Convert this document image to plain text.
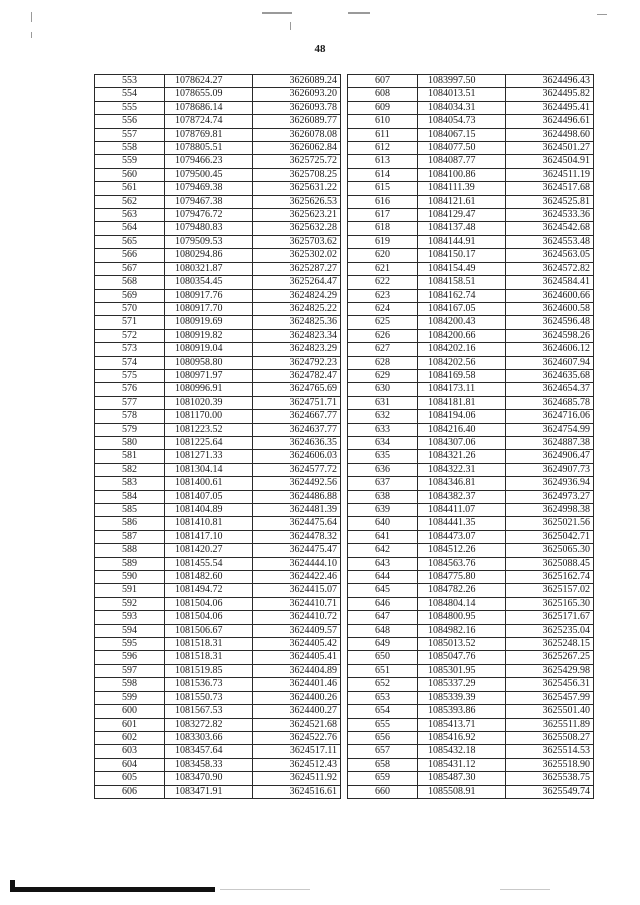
48
553	1078624.27	3626089.24
554	1078655.09	3626093.20
555	1078686.14	3626093.78
556	1078724.74	3626089.77
557	1078769.81	3626078.08
558	1078805.51	3626062.84
559	1079466.23	3625725.72
560	1079500.45	3625708.25
561	1079469.38	3625631.22
562	1079467.38	3625626.53
563	1079476.72	3625623.21
564	1079480.83	3625632.28
565	1079509.53	3625703.62
566	1080294.86	3625302.02
567	1080321.87	3625287.27
568	1080354.45	3625264.47
569	1080917.76	3624824.29
570	1080917.70	3624825.22
571	1080919.69	3624825.36
572	1080919.82	3624823.34
573	1080919.04	3624823.29
574	1080958.80	3624792.23
575	1080971.97	3624782.47
576	1080996.91	3624765.69
577	1081020.39	3624751.71
578	1081170.00	3624667.77
579	1081223.52	3624637.77
580	1081225.64	3624636.35
581	1081271.33	3624606.03
582	1081304.14	3624577.72
583	1081400.61	3624492.56
584	1081407.05	3624486.88
585	1081404.89	3624481.39
586	1081410.81	3624475.64
587	1081417.10	3624478.32
588	1081420.27	3624475.47
589	1081455.54	3624444.10
590	1081482.60	3624422.46
591	1081494.72	3624415.07
592	1081504.06	3624410.71
593	1081504.06	3624410.72
594	1081506.67	3624409.57
595	1081518.31	3624405.42
596	1081518.31	3624405.41
597	1081519.85	3624404.89
598	1081536.73	3624401.46
599	1081550.73	3624400.26
600	1081567.53	3624400.27
601	1083272.82	3624521.68
602	1083303.66	3624522.76
603	1083457.64	3624517.11
604	1083458.33	3624512.43
605	1083470.90	3624511.92
606	1083471.91	3624516.61
607	1083997.50	3624496.43
608	1084013.51	3624495.82
609	1084034.31	3624495.41
610	1084054.73	3624496.61
611	1084067.15	3624498.60
612	1084077.50	3624501.27
613	1084087.77	3624504.91
614	1084100.86	3624511.19
615	1084111.39	3624517.68
616	1084121.61	3624525.81
617	1084129.47	3624533.36
618	1084137.48	3624542.68
619	1084144.91	3624553.48
620	1084150.17	3624563.05
621	1084154.49	3624572.82
622	1084158.51	3624584.41
623	1084162.74	3624600.66
624	1084167.05	3624600.58
625	1084200.43	3624596.48
626	1084200.66	3624598.26
627	1084202.16	3624606.12
628	1084202.56	3624607.94
629	1084169.58	3624635.68
630	1084173.11	3624654.37
631	1084181.81	3624685.78
632	1084194.06	3624716.06
633	1084216.40	3624754.99
634	1084307.06	3624887.38
635	1084321.26	3624906.47
636	1084322.31	3624907.73
637	1084346.81	3624936.94
638	1084382.37	3624973.27
639	1084411.07	3624998.38
640	1084441.35	3625021.56
641	1084473.07	3625042.71
642	1084512.26	3625065.30
643	1084563.76	3625088.45
644	1084775.80	3625162.74
645	1084782.26	3625157.02
646	1084804.14	3625165.30
647	1084800.95	3625171.67
648	1084982.16	3625235.04
649	1085013.52	3625248.15
650	1085047.76	3625267.25
651	1085301.95	3625429.98
652	1085337.29	3625456.31
653	1085339.39	3625457.99
654	1085393.86	3625501.40
655	1085413.71	3625511.89
656	1085416.92	3625508.27
657	1085432.18	3625514.53
658	1085431.12	3625518.90
659	1085487.30	3625538.75
660	1085508.91	3625549.74
